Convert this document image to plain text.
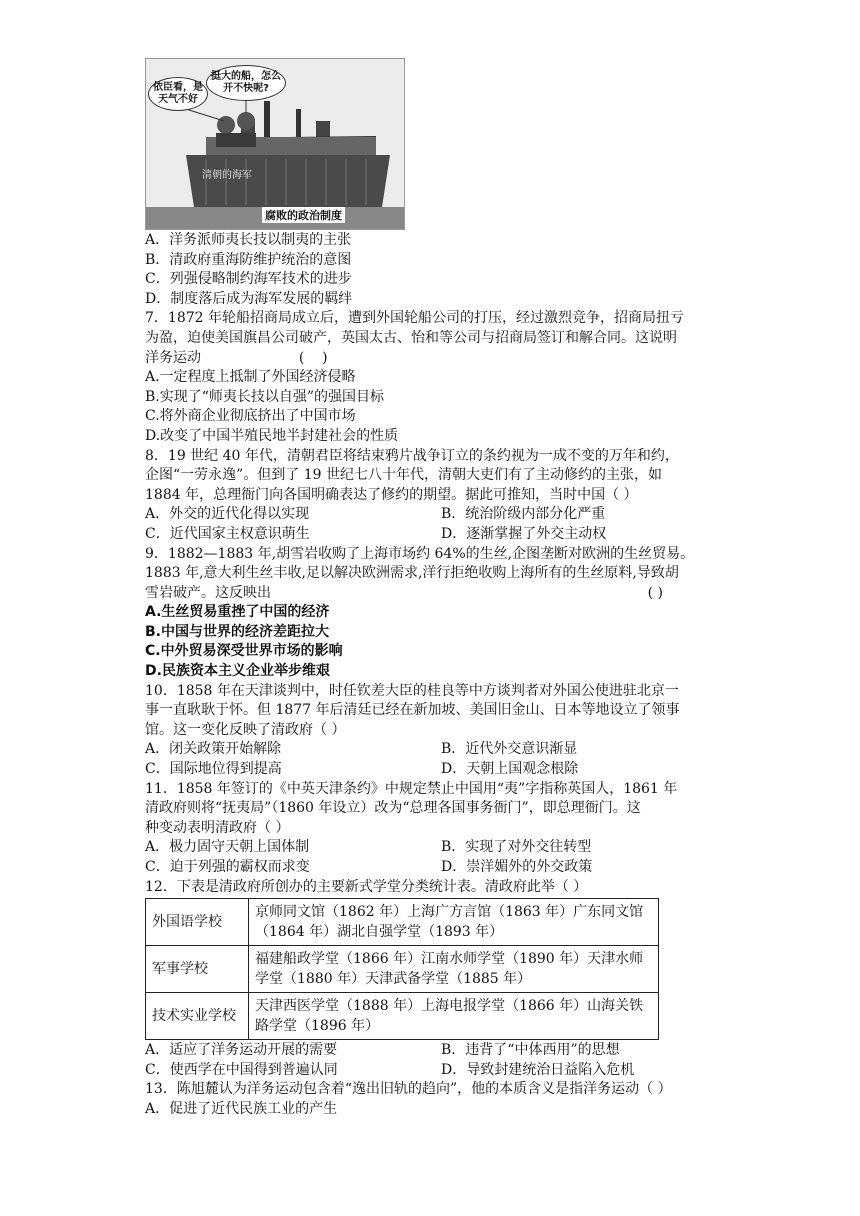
依臣看，是天气不好
挺大的船，怎么开不快呢?
清朝的海军
腐败的政治制度
A．洋务派师夷长技以制夷的主张
B．清政府重海防维护统治的意图
C．列强侵略制约海军技术的进步
D．制度落后成为海军发展的羁绊
7．1872 年轮船招商局成立后，遭到外国轮船公司的打压，经过激烈竞争，招商局扭亏
为盈，迫使美国旗昌公司破产，英国太古、怡和等公司与招商局签订和解合同。这说明
洋务运动                      (    )
A.一定程度上抵制了外国经济侵略
B.实现了“师夷长技以自强”的强国目标
C.将外商企业彻底挤出了中国市场
D.改变了中国半殖民地半封建社会的性质
8．19 世纪 40 年代，清朝君臣将结束鸦片战争订立的条约视为一成不变的万年和约，
企图“一劳永逸”。但到了 19 世纪七八十年代，清朝大吏们有了主动修约的主张，如
1884 年，总理衙门向各国明确表达了修约的期望。据此可推知，当时中国（ ）
A．外交的近代化得以实现	B．统治阶级内部分化严重
C．近代国家主权意识萌生	D．逐渐掌握了外交主动权
9．1882—1883 年,胡雪岩收购了上海市场约 64%的生丝,企图垄断对欧洲的生丝贸易。
1883 年,意大利生丝丰收,足以解决欧洲需求,洋行拒绝收购上海所有的生丝原料,导致胡
雪岩破产。这反映出	( )
A.生丝贸易重挫了中国的经济
B.中国与世界的经济差距拉大
C.中外贸易深受世界市场的影响
D.民族资本主义企业举步维艰
10．1858 年在天津谈判中，时任钦差大臣的桂良等中方谈判者对外国公使进驻北京一
事一直耿耿于怀。但 1877 年后清廷已经在新加坡、美国旧金山、日本等地设立了领事
馆。这一变化反映了清政府（ ）
A．闭关政策开始解除	B．近代外交意识渐显
C．国际地位得到提高	D．天朝上国观念根除
11．1858 年签订的《中英天津条约》中规定禁止中国用“夷”字指称英国人，1861 年
清政府则将“抚夷局”（1860 年设立）改为“总理各国事务衙门”，即总理衙门。这
种变动表明清政府（ ）
A．极力固守天朝上国体制	B．实现了对外交往转型
C．迫于列强的霸权而求变	D．崇洋媚外的外交政策
12．下表是清政府所创办的主要新式学堂分类统计表。清政府此举（ ）
外国语学校	京师同文馆（1862 年）上海广方言馆（1863 年）广东同文馆（1864 年）湖北自强学堂（1893 年）
军事学校	福建船政学堂（1866 年）江南水师学堂（1890 年）天津水师学堂（1880 年）天津武备学堂（1885 年）
技术实业学校	天津西医学堂（1888 年）上海电报学堂（1866 年）山海关铁路学堂（1896 年）
A．适应了洋务运动开展的需要	B．违背了“中体西用”的思想
C．使西学在中国得到普遍认同	D．导致封建统治日益陷入危机
13．陈旭麓认为洋务运动包含着“逸出旧轨的趋向”，他的本质含义是指洋务运动（ ）
A．促进了近代民族工业的产生
